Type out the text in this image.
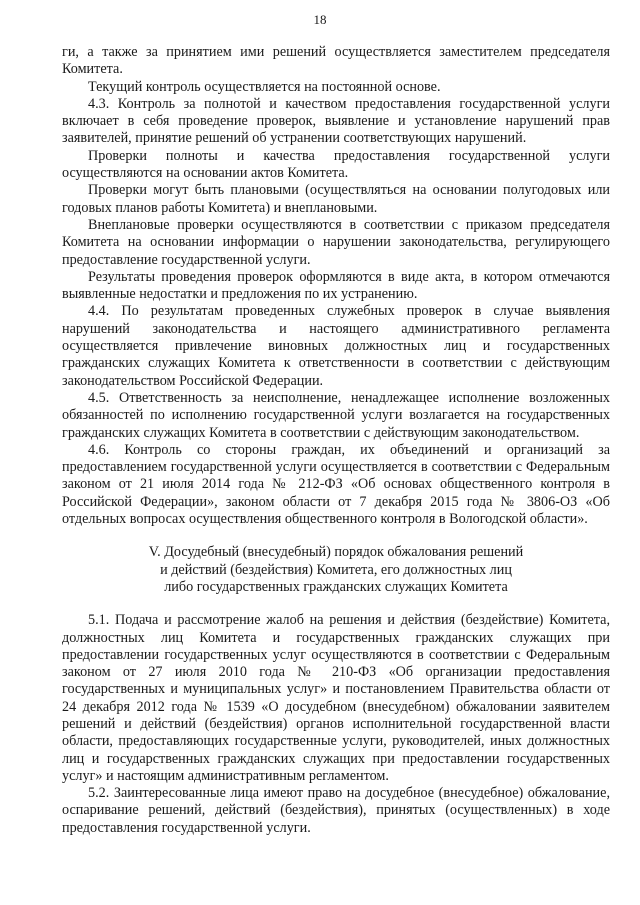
18

ги, а также за принятием ими решений осуществляется заместителем председателя Комитета.

Текущий контроль осуществляется на постоянной основе.

4.3. Контроль за полнотой и качеством предоставления государственной услуги включает в себя проведение проверок, выявление и установление нарушений прав заявителей, принятие решений об устранении соответствующих нарушений.

Проверки полноты и качества предоставления государственной услуги осуществляются на основании актов Комитета.

Проверки могут быть плановыми (осуществляться на основании полугодовых или годовых планов работы Комитета) и внеплановыми.

Внеплановые проверки осуществляются в соответствии с приказом председателя Комитета на основании информации о нарушении законодательства, регулирующего предоставление государственной услуги.

Результаты проведения проверок оформляются в виде акта, в котором отмечаются выявленные недостатки и предложения по их устранению.

4.4. По результатам проведенных служебных проверок в случае выявления нарушений законодательства и настоящего административного регламента осуществляется привлечение виновных должностных лиц и государственных гражданских служащих Комитета к ответственности в соответствии с действующим законодательством Российской Федерации.

4.5. Ответственность за неисполнение, ненадлежащее исполнение возложенных обязанностей по исполнению государственной услуги возлагается на государственных гражданских служащих Комитета в соответствии с действующим законодательством.

4.6. Контроль со стороны граждан, их объединений и организаций за предоставлением государственной услуги осуществляется в соответствии с Федеральным законом от 21 июля 2014 года № 212-ФЗ «Об основах общественного контроля в Российской Федерации», законом области от 7 декабря 2015 года № 3806-ОЗ «Об отдельных вопросах осуществления общественного контроля в Вологодской области».

V. Досудебный (внесудебный) порядок обжалования решений
и действий (бездействия) Комитета, его должностных лиц
либо государственных гражданских служащих Комитета

5.1. Подача и рассмотрение жалоб на решения и действия (бездействие) Комитета, должностных лиц Комитета и государственных гражданских служащих при предоставлении государственных услуг осуществляются в соответствии с Федеральным законом от 27 июля 2010 года № 210-ФЗ «Об организации предоставления государственных и муниципальных услуг» и постановлением Правительства области от 24 декабря 2012 года № 1539 «О досудебном (внесудебном) обжаловании заявителем решений и действий (бездействия) органов исполнительной государственной власти области, предоставляющих государственные услуги, руководителей, иных должностных лиц и государственных гражданских служащих при предоставлении государственных услуг» и настоящим административным регламентом.

5.2. Заинтересованные лица имеют право на досудебное (внесудебное) обжалование, оспаривание решений, действий (бездействия), принятых (осуществленных) в ходе предоставления государственной услуги.
